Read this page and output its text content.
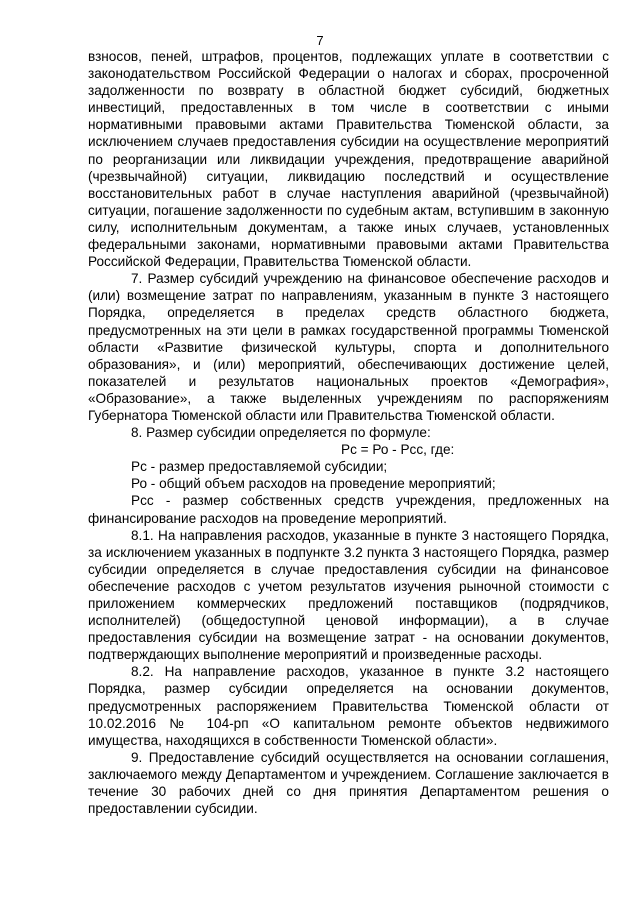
7

взносов, пеней, штрафов, процентов, подлежащих уплате в соответствии с законодательством Российской Федерации о налогах и сборах, просроченной задолженности по возврату в областной бюджет субсидий, бюджетных инвестиций, предоставленных в том числе в соответствии с иными нормативными правовыми актами Правительства Тюменской области, за исключением случаев предоставления субсидии на осуществление мероприятий по реорганизации или ликвидации учреждения, предотвращение аварийной (чрезвычайной) ситуации, ликвидацию последствий и осуществление восстановительных работ в случае наступления аварийной (чрезвычайной) ситуации, погашение задолженности по судебным актам, вступившим в законную силу, исполнительным документам, а также иных случаев, установленных федеральными законами, нормативными правовыми актами Правительства Российской Федерации, Правительства Тюменской области.

7. Размер субсидий учреждению на финансовое обеспечение расходов и (или) возмещение затрат по направлениям, указанным в пункте 3 настоящего Порядка, определяется в пределах средств областного бюджета, предусмотренных на эти цели в рамках государственной программы Тюменской области «Развитие физической культуры, спорта и дополнительного образования», и (или) мероприятий, обеспечивающих достижение целей, показателей и результатов национальных проектов «Демография», «Образование», а также выделенных учреждениям по распоряжениям Губернатора Тюменской области или Правительства Тюменской области.

8. Размер субсидии определяется по формуле:

Рс = Ро - Рсс, где:

Рс - размер предоставляемой субсидии;

Ро - общий объем расходов на проведение мероприятий;

Рсс - размер собственных средств учреждения, предложенных на финансирование расходов на проведение мероприятий.

8.1. На направления расходов, указанные в пункте 3 настоящего Порядка, за исключением указанных в подпункте 3.2 пункта 3 настоящего Порядка, размер субсидии определяется в случае предоставления субсидии на финансовое обеспечение расходов с учетом результатов изучения рыночной стоимости с приложением коммерческих предложений поставщиков (подрядчиков, исполнителей) (общедоступной ценовой информации), а в случае предоставления субсидии на возмещение затрат - на основании документов, подтверждающих выполнение мероприятий и произведенные расходы.

8.2. На направление расходов, указанное в пункте 3.2 настоящего Порядка, размер субсидии определяется на основании документов, предусмотренных распоряжением Правительства Тюменской области от 10.02.2016 № 104-рп «О капитальном ремонте объектов недвижимого имущества, находящихся в собственности Тюменской области».

9. Предоставление субсидий осуществляется на основании соглашения, заключаемого между Департаментом и учреждением. Соглашение заключается в течение 30 рабочих дней со дня принятия Департаментом решения о предоставлении субсидии.
